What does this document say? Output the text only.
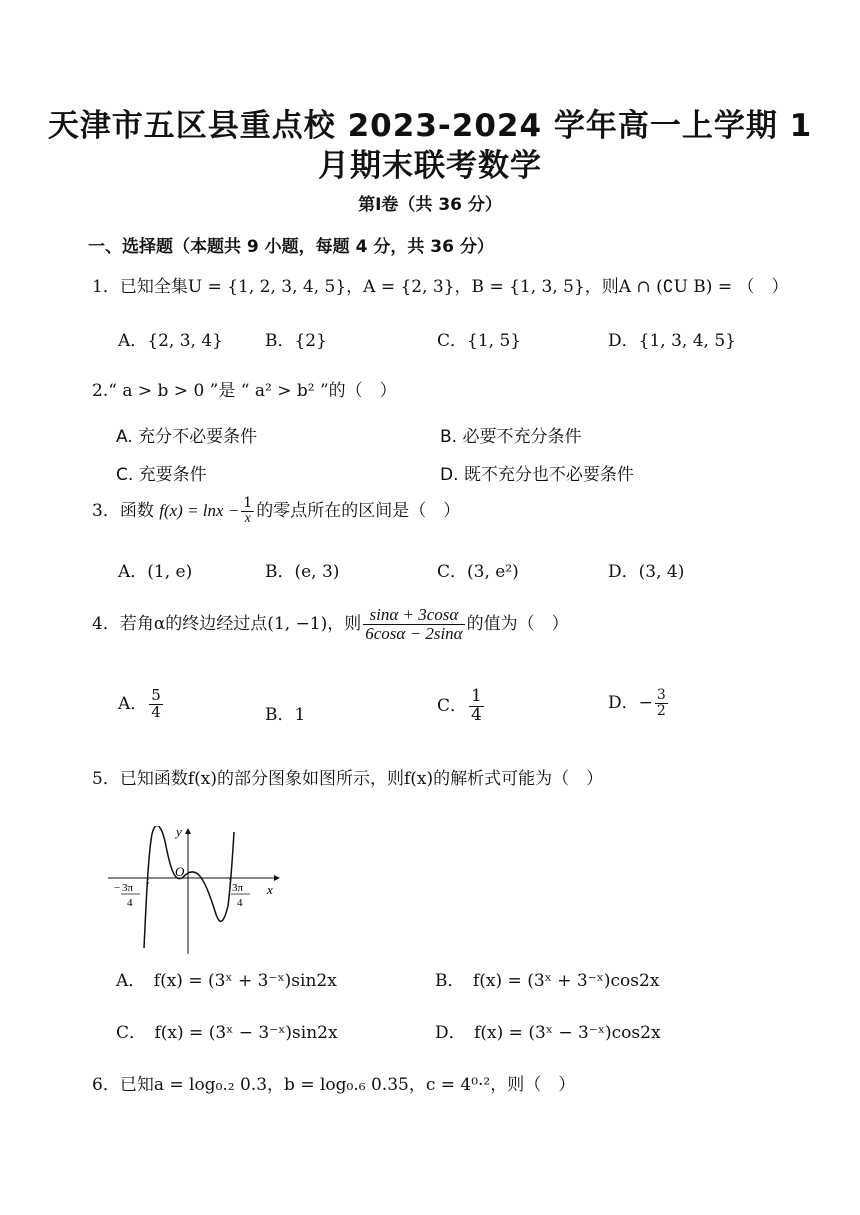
天津市五区县重点校 2023-2024 学年高一上学期 1
月期末联考数学
第Ⅰ卷（共 36 分）
一、选择题（本题共 9 小题，每题 4 分，共 36 分）
1．已知全集U = {1, 2, 3, 4, 5}，A = {2, 3}，B = {1, 3, 5}，则A ∩ (∁U B) = （　）
A．{2, 3, 4} B．{2}	C．{1, 5}	D．{1, 3, 4, 5}
2.“ a > b > 0 ”是 “ a² > b² ”的（　）
A. 充分不必要条件	B. 必要不充分条件
C. 充要条件	D. 既不充分也不必要条件
3．函数 $f(x) = \ln x - \frac{1}{x}$ 的零点所在的区间是（　）
A．(1, e)	B．(e, 3)	C．(3, e²)	D．(3, 4)
4．若角α的终边经过点(1, −1)，则 $\frac{\sin\alpha + 3\cos\alpha}{6\cos\alpha - 2\sin\alpha}$ 的值为（　）
A． $\frac{5}{4}$	B．1	C． $\frac{1}{4}$	D．− $\frac{3}{2}$
5．已知函数f(x)的部分图象如图所示，则f(x)的解析式可能为（　）
y
x
O
− 3π
4
3π
4
A．　f(x) = (3ˣ + 3⁻ˣ)sin2x	B．　f(x) = (3ˣ + 3⁻ˣ)cos2x
C．　f(x) = (3ˣ − 3⁻ˣ)sin2x	D．　f(x) = (3ˣ − 3⁻ˣ)cos2x
6．已知a = log₀.₂ 0.3，b = log₀.₆ 0.35，c = 4⁰·²，则（　）
